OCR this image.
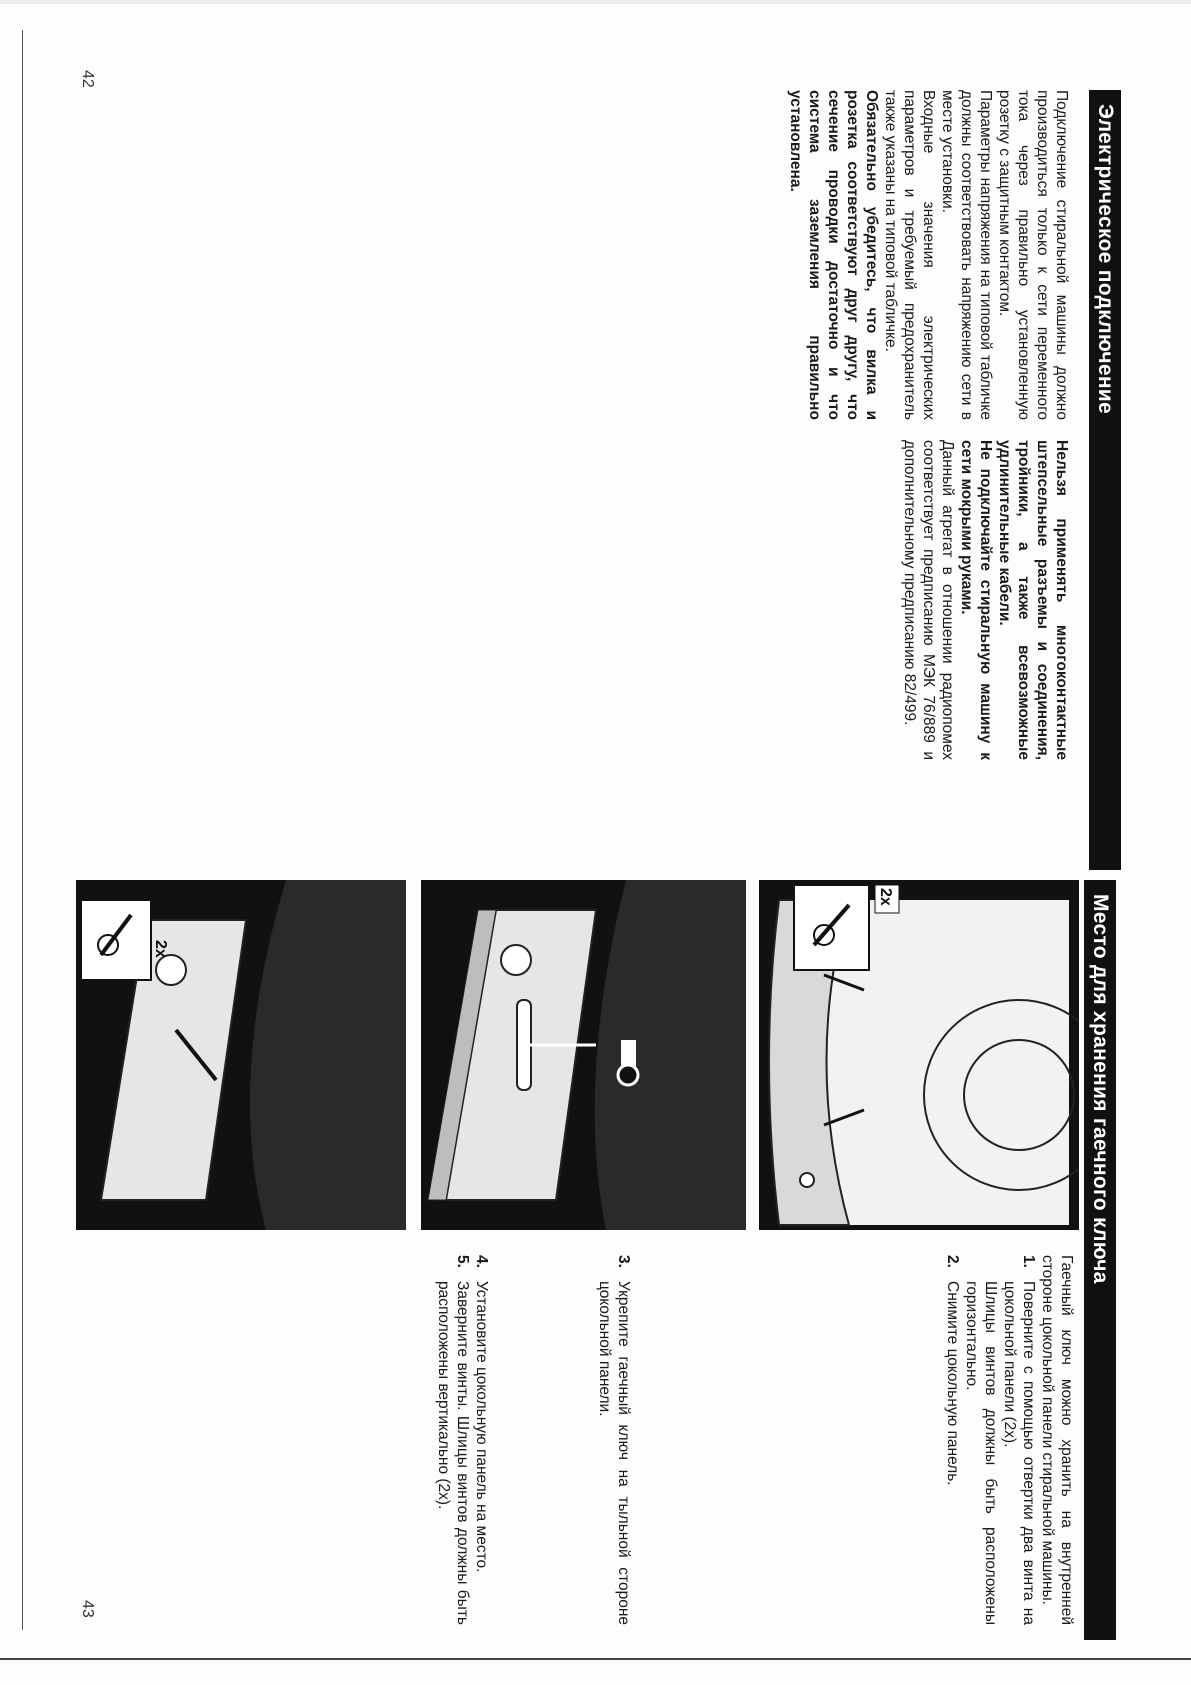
42
43
Электрическое подключение

Подключение стиральной машины должно производиться только к сети переменного тока через правильно установленную розетку с защитным контактом.

Параметры напряжения на типовой табличке должны соответствовать напряжению сети в месте установки.

Входные значения электрических параметров и требуемый предохранитель также указаны на типовой табличке.

Обязательно убедитесь, что вилка и розетка соответствуют друг другу, что сечение проводки достаточно и что система заземления правильно установлена.

Нельзя применять многоконтактные штепсельные разъемы и соединения, тройники, а также всевозможные удлинительные кабели.

Не подключайте стиральную машину к сети мокрыми руками.

Данный агрегат в отношении радиопомех соответствует предписанию МЭК 76/889 и дополнительному предписанию 82/499.

Место для хранения гаечного ключа
2x
2x

Гаечный ключ можно хранить на внутренней стороне цокольной панели стиральной машины.

1.
Поверните с помощью отвертки два винта на цокольной панели (2x).
Шлицы винтов должны быть расположены горизонтально.
2.
Снимите цокольную панель.
3.
Укрепите гаечный ключ на тыльной стороне цокольной панели.
4.
Установите цокольную панель на место.
5.
Заверните винты. Шлицы винтов должны быть расположены вертикально (2x).
